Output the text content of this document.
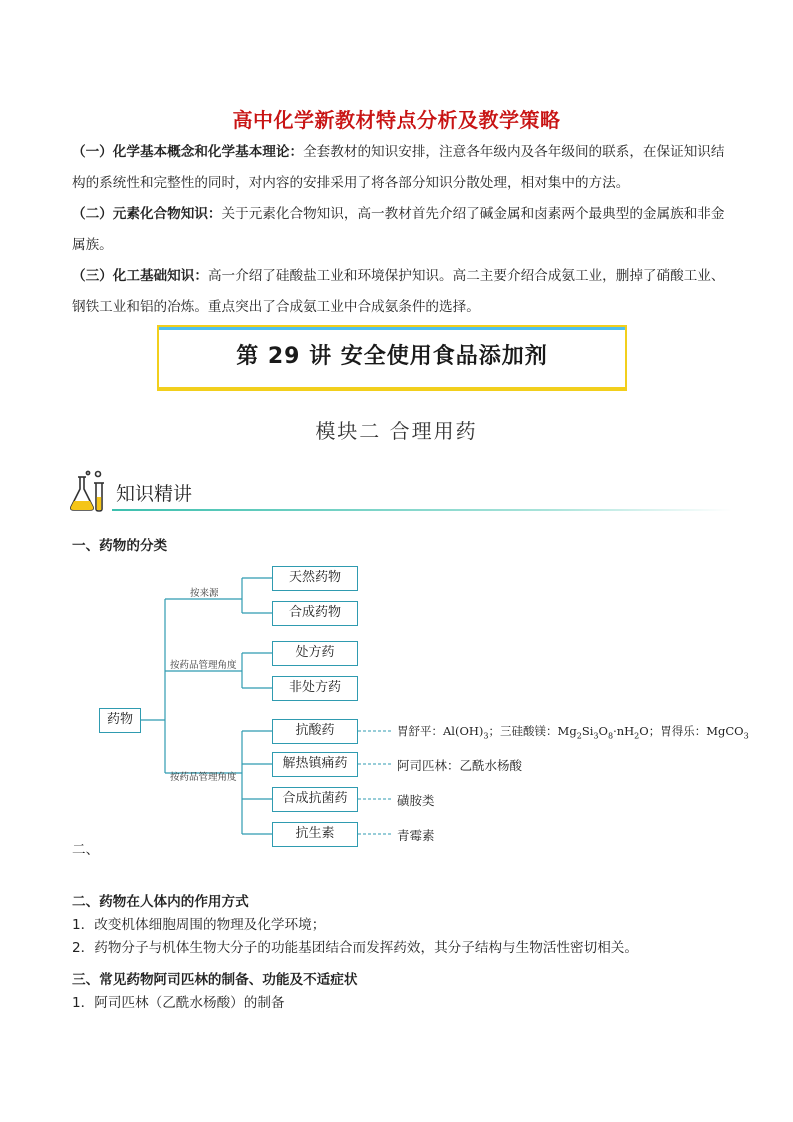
高中化学新教材特点分析及教学策略
（一）化学基本概念和化学基本理论：全套教材的知识安排，注意各年级内及各年级间的联系，在保证知识结构的系统性和完整性的同时，对内容的安排采用了将各部分知识分散处理，相对集中的方法。
（二）元素化合物知识：关于元素化合物知识，高一教材首先介绍了碱金属和卤素两个最典型的金属族和非金属族。
（三）化工基础知识：高一介绍了硅酸盐工业和环境保护知识。高二主要介绍合成氨工业，删掉了硝酸工业、钢铁工业和铝的冶炼。重点突出了合成氨工业中合成氨条件的选择。
第 29 讲 安全使用食品添加剂
模块二 合理用药
知识精讲
一、药物的分类
药物
按来源
按药品管理角度
按药品管理角度
天然药物
合成药物
处方药
非处方药
抗酸药
解热镇痛药
合成抗菌药
抗生素
胃舒平：$Al(OH)_3$；三硅酸镁：$Mg_2Si_3O_8\cdot nH_2O$；胃得乐：MgCO$_3$
阿司匹林：乙酰水杨酸
磺胺类
青霉素
二、
二、药物在人体内的作用方式
1．改变机体细胞周围的物理及化学环境；
2．药物分子与机体生物大分子的功能基团结合而发挥药效，其分子结构与生物活性密切相关。
三、常见药物阿司匹林的制备、功能及不适症状
1．阿司匹林（乙酰水杨酸）的制备
